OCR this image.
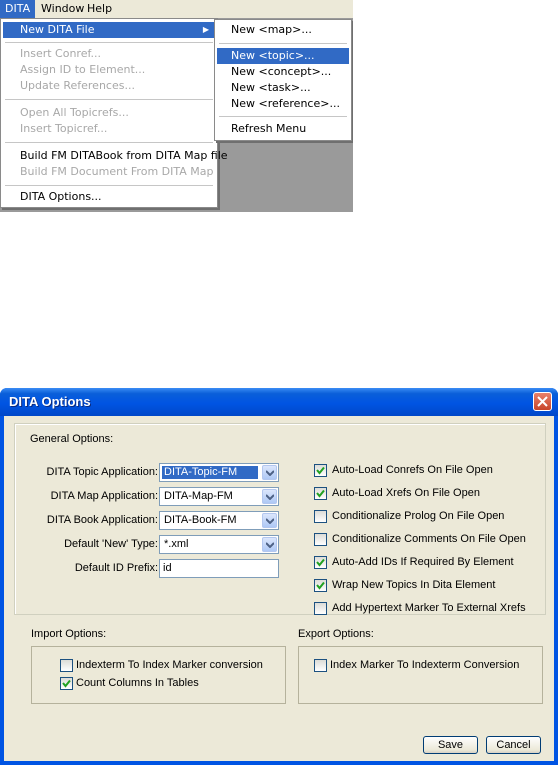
DITA Window Help
New DITA File	▶
Insert Conref...
Assign ID to Element...
Update References...
Open All Topicrefs...
Insert Topicref...
Build FM DITABook from DITA Map file
Build FM Document From DITA Map
DITA Options...
New <map>...
New <topic>...
New <concept>...
New <task>...
New <reference>...
Refresh Menu
DITA Options
General Options:
DITA Topic Application: DITA-Topic-FM
DITA Map Application: DITA-Map-FM
DITA Book Application: DITA-Book-FM
Default 'New' Type: *.xml
Default ID Prefix: id
Auto-Load Conrefs On File Open
Auto-Load Xrefs On File Open
Conditionalize Prolog On File Open
Conditionalize Comments On File Open
Auto-Add IDs If Required By Element
Wrap New Topics In Dita Element
Add Hypertext Marker To External Xrefs
Import Options:
Indexterm To Index Marker conversion
Count Columns In Tables
Export Options:
Index Marker To Indexterm Conversion
Save	Cancel
